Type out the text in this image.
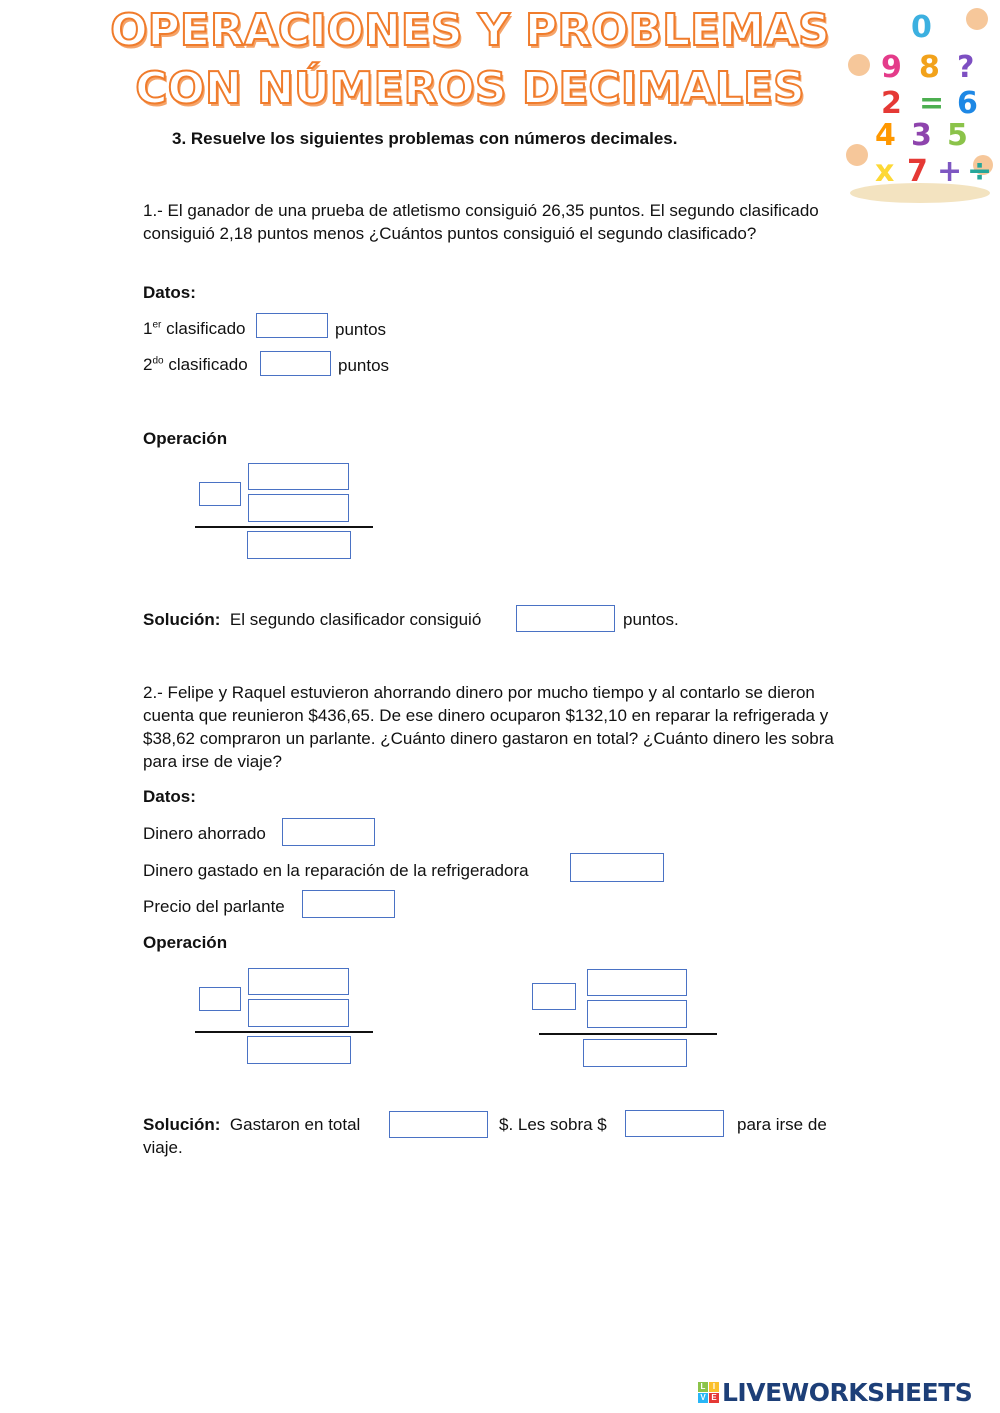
OPERACIONES Y PROBLEMAS
CON NÚMEROS DECIMALES
3. Resuelve los siguientes problemas con números decimales.
0
9 8 ?
2 = 6
4 3 5
x 7 + ÷
1.- El ganador de una prueba de atletismo consiguió 26,35 puntos. El segundo clasificado consiguió 2,18 puntos menos ¿Cuántos puntos consiguió el segundo clasificado?
Datos:
1er clasificado	puntos
$2^{do}$ clasificado	puntos
Operación
Solución: El segundo clasificador consiguió	puntos.
2.- Felipe y Raquel estuvieron ahorrando dinero por mucho tiempo y al contarlo se dieron cuenta que reunieron $436,65. De ese dinero ocuparon $132,10 en reparar la refrigerada y $38,62 compraron un parlante. ¿Cuánto dinero gastaron en total? ¿Cuánto dinero les sobra para irse de viaje?
Datos:
Dinero ahorrado
Dinero gastado en la reparación de la refrigeradora
Precio del parlante
Operación
Solución: Gastaron en total	$. Les sobra $	para irse de
viaje.
L I
V E LIVEWORKSHEETS
